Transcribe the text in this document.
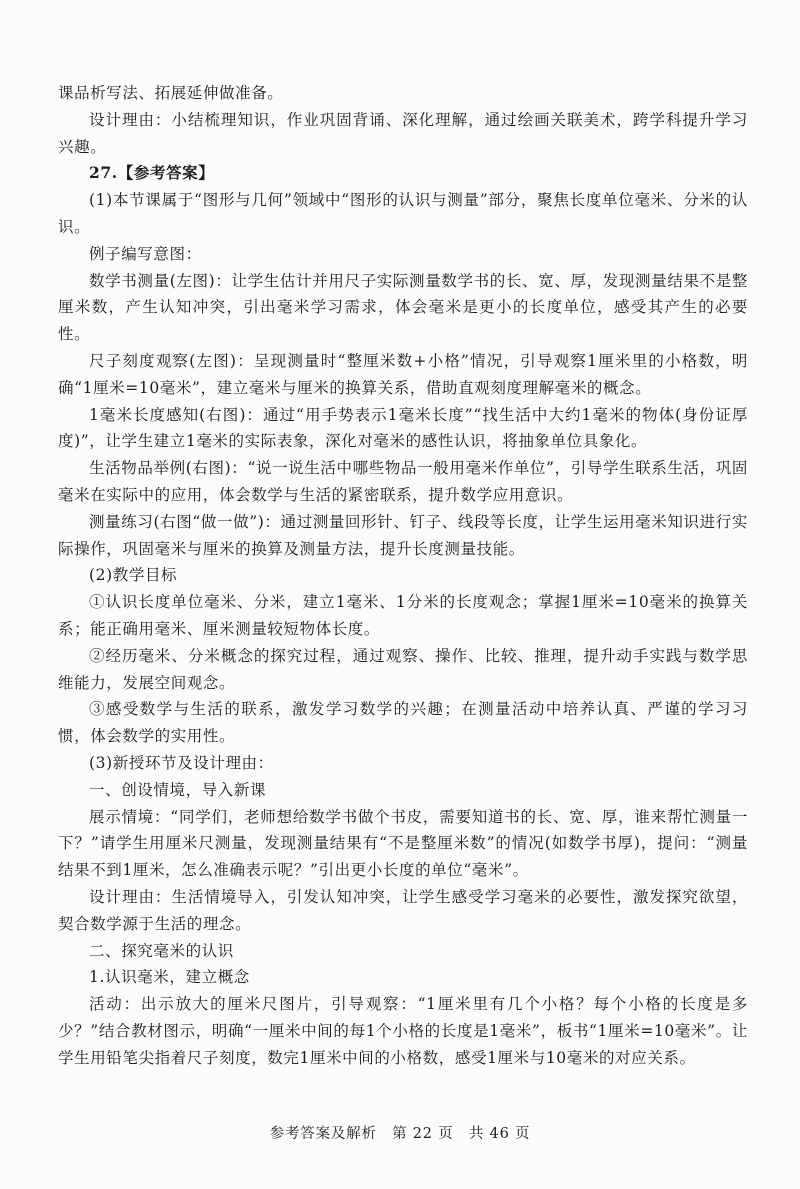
课品析写法、拓展延伸做准备。

设计理由：小结梳理知识，作业巩固背诵、深化理解，通过绘画关联美术，跨学科提升学习兴趣。

27.【参考答案】

(1)本节课属于“图形与几何”领域中“图形的认识与测量”部分，聚焦长度单位毫米、分米的认识。

例子编写意图：

数学书测量(左图)：让学生估计并用尺子实际测量数学书的长、宽、厚，发现测量结果不是整厘米数，产生认知冲突，引出毫米学习需求，体会毫米是更小的长度单位，感受其产生的必要性。

尺子刻度观察(左图)：呈现测量时“整厘米数+小格”情况，引导观察1厘米里的小格数，明确“1厘米=10毫米”，建立毫米与厘米的换算关系，借助直观刻度理解毫米的概念。

1毫米长度感知(右图)：通过“用手势表示1毫米长度”“找生活中大约1毫米的物体(身份证厚度)”，让学生建立1毫米的实际表象，深化对毫米的感性认识，将抽象单位具象化。

生活物品举例(右图)：“说一说生活中哪些物品一般用毫米作单位”，引导学生联系生活，巩固毫米在实际中的应用，体会数学与生活的紧密联系，提升数学应用意识。

测量练习(右图“做一做”)：通过测量回形针、钉子、线段等长度，让学生运用毫米知识进行实际操作，巩固毫米与厘米的换算及测量方法，提升长度测量技能。

(2)教学目标

①认识长度单位毫米、分米，建立1毫米、1分米的长度观念；掌握1厘米=10毫米的换算关系；能正确用毫米、厘米测量较短物体长度。

②经历毫米、分米概念的探究过程，通过观察、操作、比较、推理，提升动手实践与数学思维能力，发展空间观念。

③感受数学与生活的联系，激发学习数学的兴趣；在测量活动中培养认真、严谨的学习习惯，体会数学的实用性。

(3)新授环节及设计理由：

一、创设情境，导入新课

展示情境：“同学们，老师想给数学书做个书皮，需要知道书的长、宽、厚，谁来帮忙测量一下？”请学生用厘米尺测量，发现测量结果有“不是整厘米数”的情况(如数学书厚)，提问：“测量结果不到1厘米，怎么准确表示呢？”引出更小长度的单位“毫米”。

设计理由：生活情境导入，引发认知冲突，让学生感受学习毫米的必要性，激发探究欲望，契合数学源于生活的理念。

二、探究毫米的认识

1.认识毫米，建立概念

活动：出示放大的厘米尺图片，引导观察：“1厘米里有几个小格？每个小格的长度是多少？”结合教材图示，明确“一厘米中间的每1个小格的长度是1毫米”，板书“1厘米=10毫米”。让学生用铅笔尖指着尺子刻度，数完1厘米中间的小格数，感受1厘米与10毫米的对应关系。

参考答案及解析　第 22 页　共 46 页
